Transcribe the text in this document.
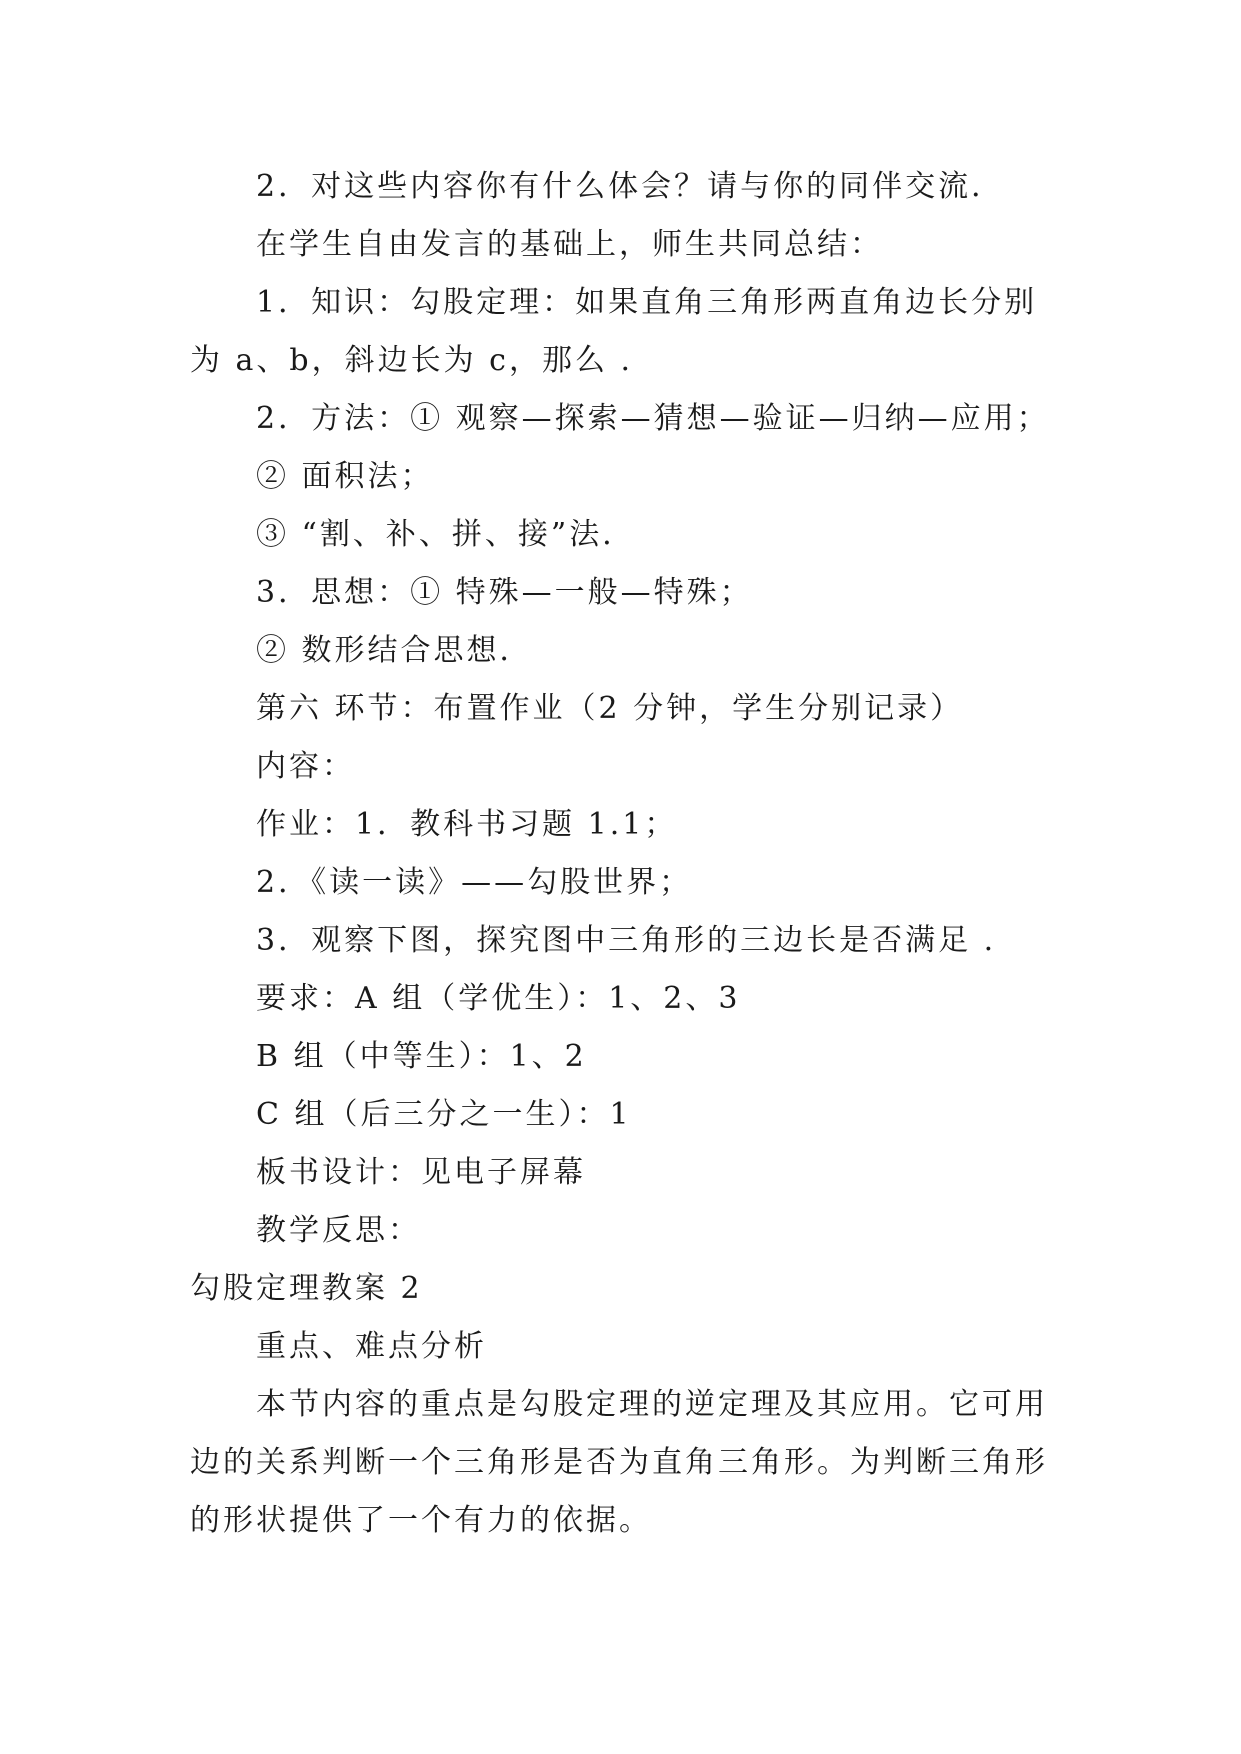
2．对这些内容你有什么体会？请与你的同伴交流．
在学生自由发言的基础上，师生共同总结：
1．知识：勾股定理：如果直角三角形两直角边长分别
为 a、b，斜边长为 c，那么 .
2．方法：① 观察—探索—猜想—验证—归纳—应用；
② 面积法；
③ “割、补、拼、接”法．
3．思想：① 特殊—一般—特殊；
② 数形结合思想．
第六 环节：布置作业（2 分钟，学生分别记录）
内容：
作业：1．教科书习题 1.1；
2．《读一读》——勾股世界；
3．观察下图，探究图中三角形的三边长是否满足 .
要求：A 组（学优生）：1、2、3
B 组（中等生）：1、2
C 组（后三分之一生）：1
板书设计：见电子屏幕
教学反思：
勾股定理教案 2
重点、难点分析
本节内容的重点是勾股定理的逆定理及其应用。它可用
边的关系判断一个三角形是否为直角三角形。为判断三角形
的形状提供了一个有力的依据。
